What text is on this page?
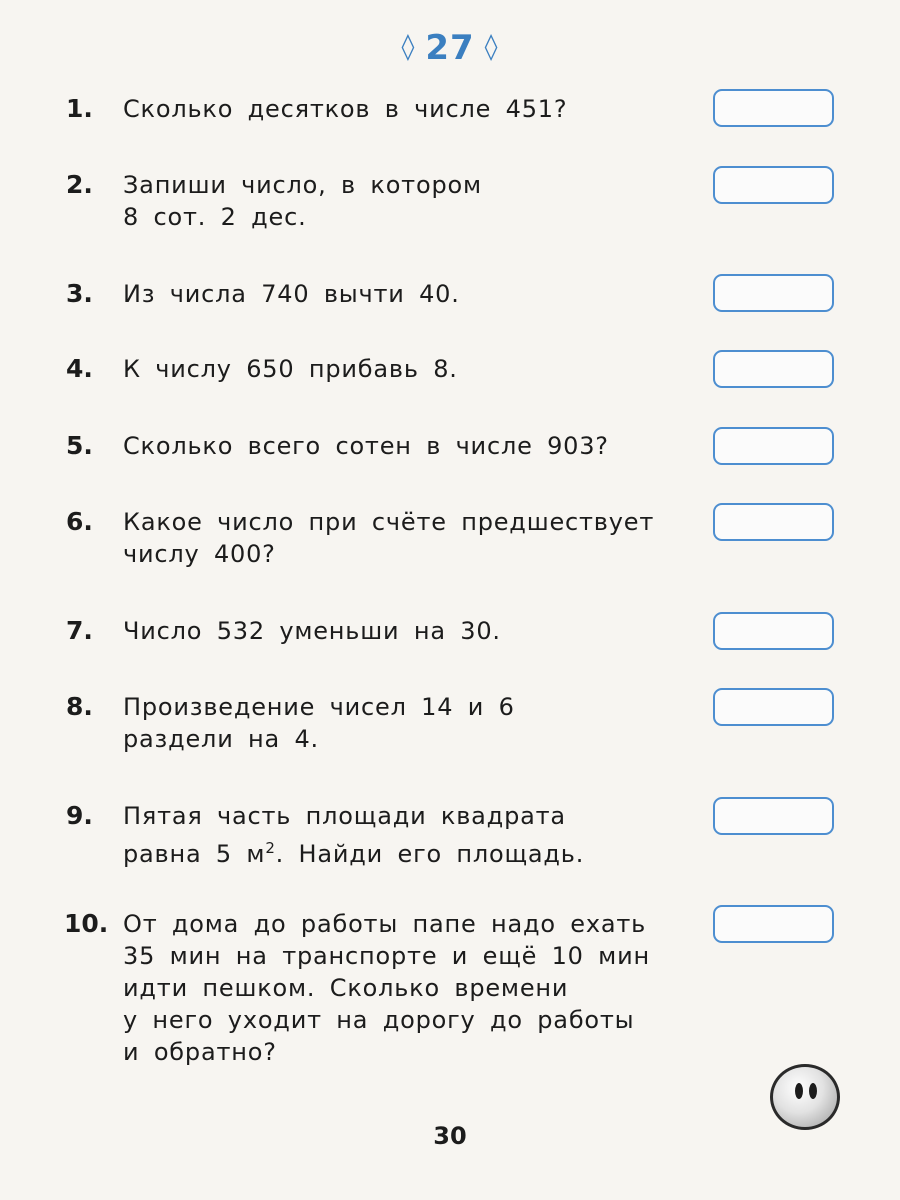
◊ 27 ◊
1. Сколько десятков в числе 451?
2. Запиши число, в котором
8 сот. 2 дес.
3. Из числа 740 вычти 40.
4. К числу 650 прибавь 8.
5. Сколько всего сотен в числе 903?
6. Какое число при счёте предшествует
числу 400?
7. Число 532 уменьши на 30.
8. Произведение чисел 14 и 6
раздели на 4.
9. Пятая часть площади квадрата
равна 5 $м^2$. Найди его площадь.
10. От дома до работы папе надо ехать
35 мин на транспорте и ещё 10 мин
идти пешком. Сколько времени
у него уходит на дорогу до работы
и обратно?
30
